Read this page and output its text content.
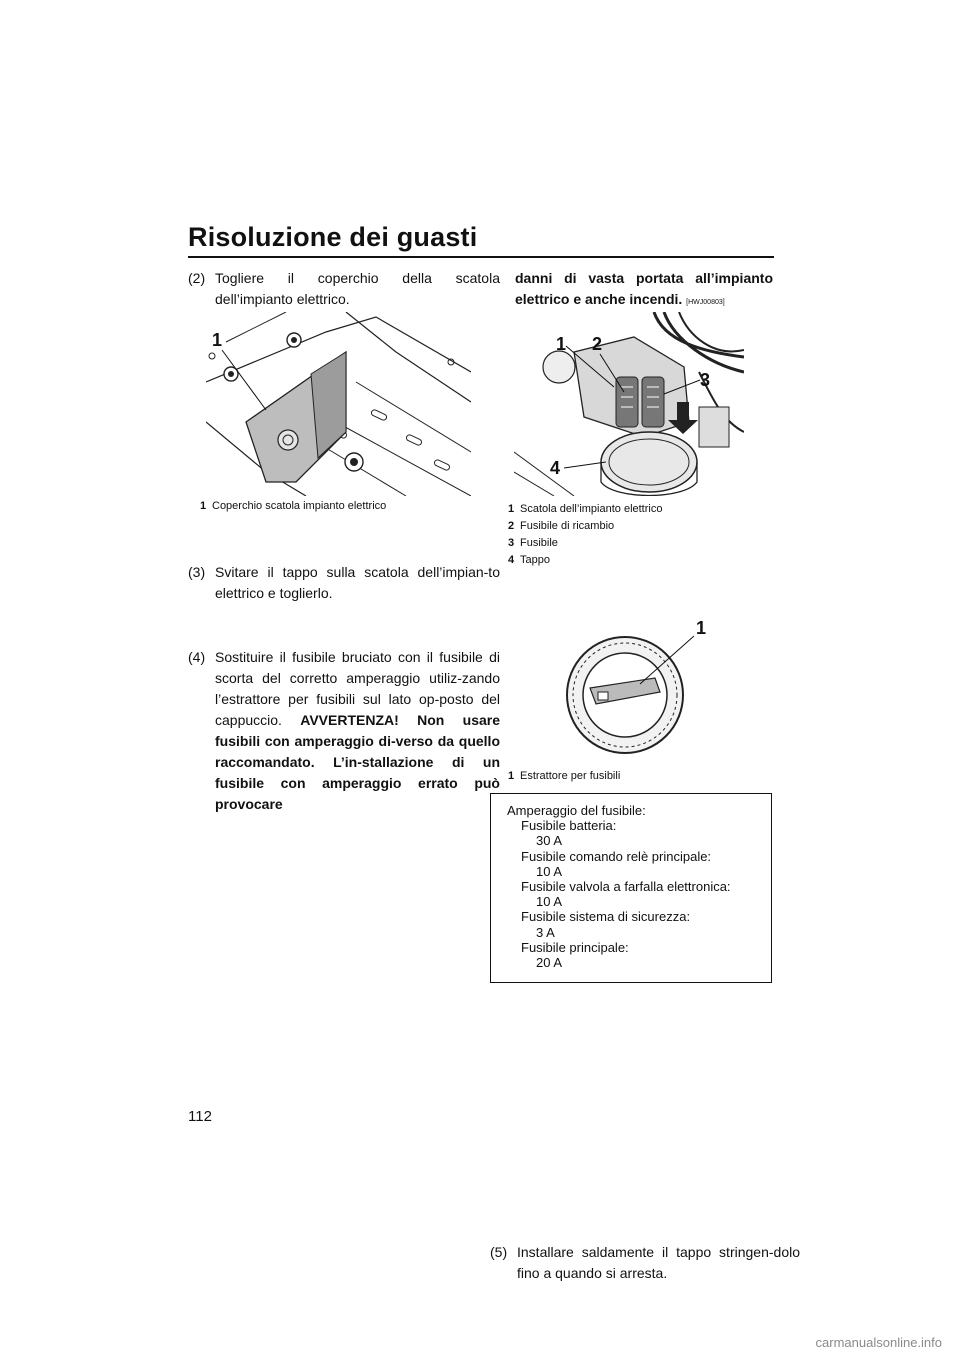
Risoluzione dei guasti
(2) Togliere il coperchio della scatola dell’impianto elettrico.
1
1 Coperchio scatola impianto elettrico
(3) Svitare il tappo sulla scatola dell’impian-to elettrico e toglierlo.
(4) Sostituire il fusibile bruciato con il fusibile di scorta del corretto amperaggio utiliz-zando l’estrattore per fusibili sul lato op-posto del cappuccio. AVVERTENZA! Non usare fusibili con amperaggio di-verso da quello raccomandato. L’in-stallazione di un fusibile con amperaggio errato può provocare
danni di vasta portata all’impianto elettrico e anche incendi. [HWJ00803]
1 2
3
4
1 Scatola dell’impianto elettrico
2 Fusibile di ricambio
3 Fusibile
4 Tappo
1
1 Estrattore per fusibili
Amperaggio del fusibile:
Fusibile batteria:
30 A
Fusibile comando relè principale:
10 A
Fusibile valvola a farfalla elettronica:
10 A
Fusibile sistema di sicurezza:
3 A
Fusibile principale:
20 A
(5) Installare saldamente il tappo stringen-dolo fino a quando si arresta.
112
carmanualsonline.info
